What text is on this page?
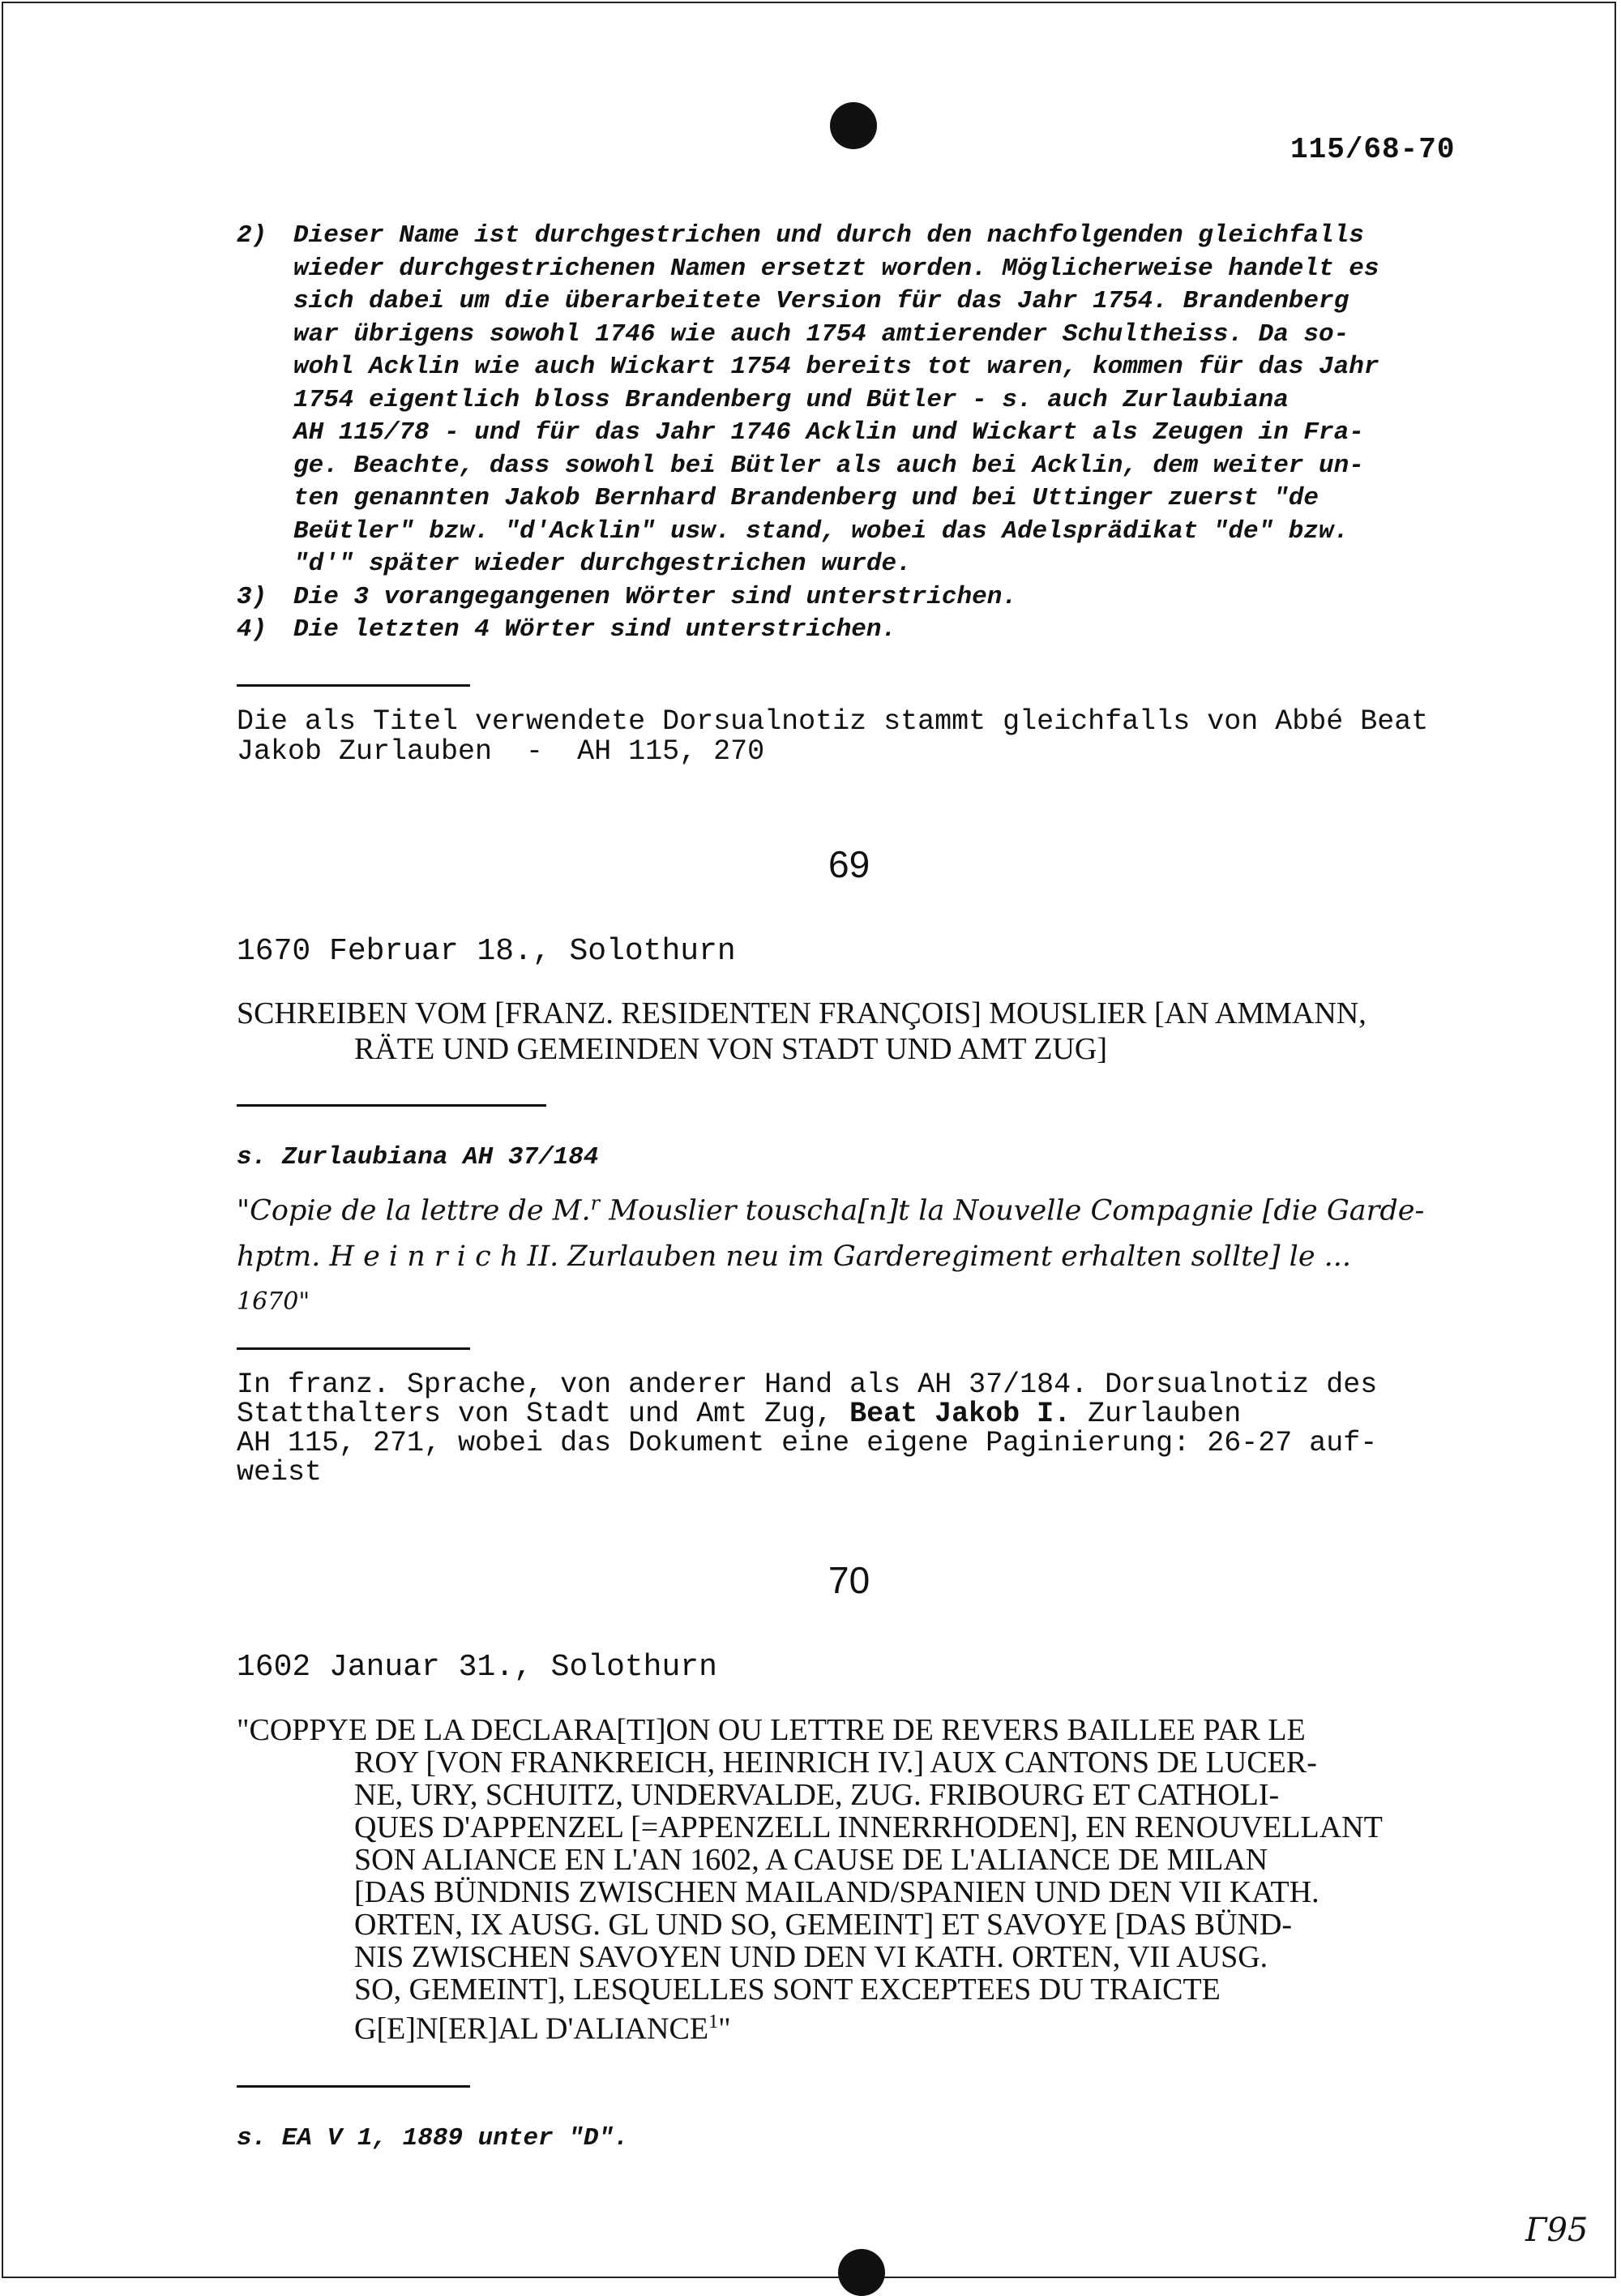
115/68-70
2)	Dieser Name ist durchgestrichen und durch den nachfolgenden gleichfalls
wieder durchgestrichenen Namen ersetzt worden. Möglicherweise handelt es
sich dabei um die überarbeitete Version für das Jahr 1754. Brandenberg
war übrigens sowohl 1746 wie auch 1754 amtierender Schultheiss. Da so-
wohl Acklin wie auch Wickart 1754 bereits tot waren, kommen für das Jahr
1754 eigentlich bloss Brandenberg und Bütler - s. auch Zurlaubiana
AH 115/78 - und für das Jahr 1746 Acklin und Wickart als Zeugen in Fra-
ge. Beachte, dass sowohl bei Bütler als auch bei Acklin, dem weiter un-
ten genannten Jakob Bernhard Brandenberg und bei Uttinger zuerst "de
Beütler" bzw. "d'Acklin" usw. stand, wobei das Adelsprädikat "de" bzw.
"d'" später wieder durchgestrichen wurde.
3)	Die 3 vorangegangenen Wörter sind unterstrichen.
4)	Die letzten 4 Wörter sind unterstrichen.

Die als Titel verwendete Dorsualnotiz stammt gleichfalls von Abbé Beat

Jakob Zurlauben  -  AH 115, 270

69
1670 Februar 18., Solothurn
SCHREIBEN VOM [FRANZ. RESIDENTEN FRANÇOIS] MOUSLIER [AN AMMANN,
RÄTE UND GEMEINDEN VON STADT UND AMT ZUG]
s. Zurlaubiana AH 37/184
"Copie de la lettre de M.$^r$ Mouslier touscha[n]t la Nouvelle Compagnie [die Garde-
hptm. H e i n r i c h II. Zurlauben neu im Garderegiment erhalten sollte] le ...
1670"

In franz. Sprache, von anderer Hand als AH 37/184. Dorsualnotiz des

Statthalters von Stadt und Amt Zug, Beat Jakob I. Zurlauben

AH 115, 271, wobei das Dokument eine eigene Paginierung: 26-27 auf-

weist

70
1602 Januar 31., Solothurn
"COPPYE DE LA DECLARA[TI]ON OU LETTRE DE REVERS BAILLEE PAR LE
ROY [VON FRANKREICH, HEINRICH IV.] AUX CANTONS DE LUCER-
NE, URY, SCHUITZ, UNDERVALDE, ZUG. FRIBOURG ET CATHOLI-
QUES D'APPENZEL [=APPENZELL INNERRHODEN], EN RENOUVELLANT
SON ALIANCE EN L'AN 1602, A CAUSE DE L'ALIANCE DE MILAN
[DAS BÜNDNIS ZWISCHEN MAILAND/SPANIEN UND DEN VII KATH.
ORTEN, IX AUSG. GL UND SO, GEMEINT] ET SAVOYE [DAS BÜND-
NIS ZWISCHEN SAVOYEN UND DEN VI KATH. ORTEN, VII AUSG.
SO, GEMEINT], LESQUELLES SONT EXCEPTEES DU TRAICTE
G[E]N[ER]AL D'ALIANCE$^1$"
s. EA V 1, 1889 unter "D".
Г95
